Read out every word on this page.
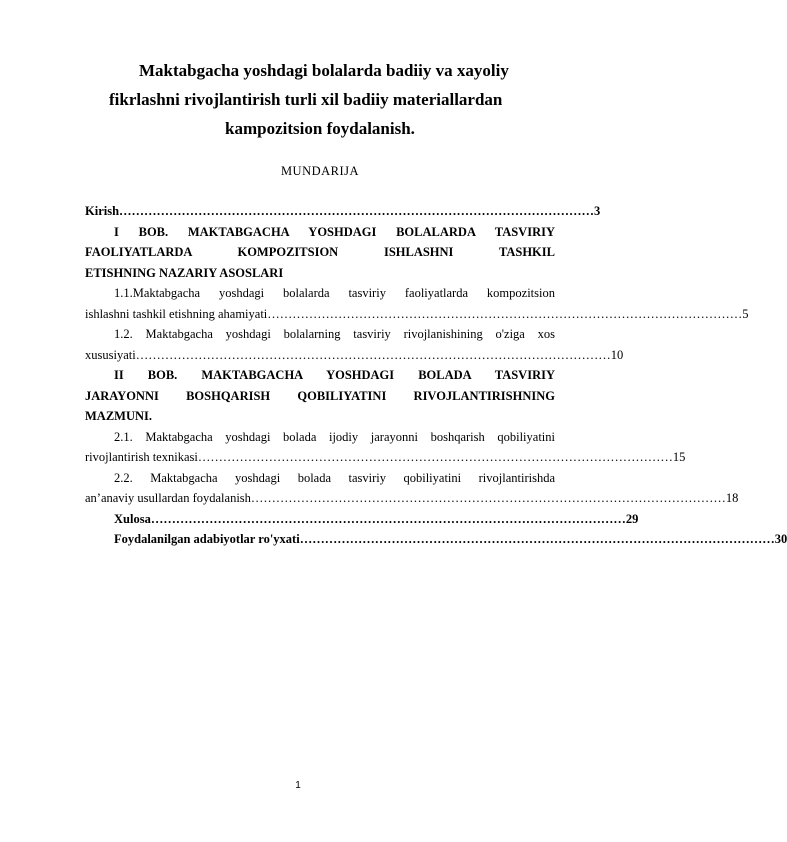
Maktabgacha yoshdagi bolalarda badiiy va xayoliy
fikrlashni rivojlantirish turli xil badiiy materiallardan
kampozitsion foydalanish.
MUNDARIJA
Kirish …………………………………………………………………………………………………… 3
I BOB. MAKTABGACHA YOSHDAGI BOLALARDA TASVIRIY
FAOLIYATLARDA KOMPOZITSION ISHLASHNI TASHKIL
ETISHNING NAZARIY ASOSLARI
1.1.Maktabgacha yoshdagi bolalarda tasviriy faoliyatlarda kompozitsion
ishlashni tashkil etishning ahamiyati …………………………………………………………………………………………………… 5
1.2. Maktabgacha yoshdagi bolalarning tasviriy rivojlanishining o'ziga xos
xususiyati …………………………………………………………………………………………………… 10
II BOB. MAKTABGACHA YOSHDAGI BOLADA TASVIRIY
JARAYONNI BOSHQARISH QOBILIYATINI RIVOJLANTIRISHNING
MAZMUNI.
2.1. Maktabgacha yoshdagi bolada ijodiy jarayonni boshqarish qobiliyatini
rivojlantirish texnikasi …………………………………………………………………………………………………… 15
2.2. Maktabgacha yoshdagi bolada tasviriy qobiliyatini rivojlantirishda
an’anaviy usullardan foydalanish …………………………………………………………………………………………………… 18
Xulosa …………………………………………………………………………………………………… 29
Foydalanilgan adabiyotlar ro'yxati …………………………………………………………………………………………………… 30
1
